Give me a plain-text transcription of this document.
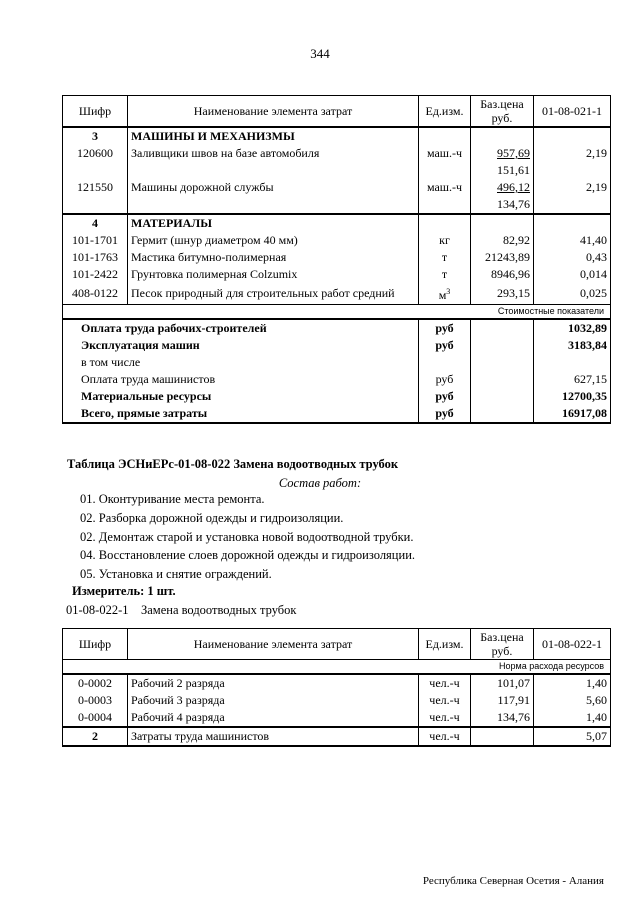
344
Шифр	Наименование элемента затрат	Ед.изм.	Баз.цена руб.	01-08-021-1
3	МАШИНЫ И МЕХАНИЗМЫ			
120600	Заливщики швов на базе автомобиля	маш.-ч	957,69	2,19
			151,61	
121550	Машины дорожной службы	маш.-ч	496,12	2,19
			134,76	
4	МАТЕРИАЛЫ			
101-1701	Гермит (шнур диаметром 40 мм)	кг	82,92	41,40
101-1763	Мастика битумно-полимерная	т	21243,89	0,43
101-2422	Грунтовка полимерная Colzumix	т	8946,96	0,014
408-0122	Песок природный для строительных работ средний	$м^3$	293,15	0,025
Стоимостные показатели				
Оплата труда рабочих-строителей		руб		1032,89
Эксплуатация машин		руб		3183,84
в том числе				
Оплата труда машинистов		руб		627,15
Материальные ресурсы		руб		12700,35
Всего, прямые затраты		руб		16917,08
Таблица ЭСНиЕРс-01-08-022 Замена водоотводных трубок
Состав работ:
01. Оконтуривание места ремонта.
02. Разборка дорожной одежды и гидроизоляции.
02. Демонтаж старой и установка новой водоотводной трубки.
04. Восстановление слоев дорожной одежды и гидроизоляции.
05. Установка и снятие ограждений.
Измеритель: 1 шт.
01-08-022-1    Замена водоотводных трубок
Шифр	Наименование элемента затрат	Ед.изм.	Баз.цена руб.	01-08-022-1
Норма расхода ресурсов				
0-0002	Рабочий 2 разряда	чел.-ч	101,07	1,40
0-0003	Рабочий 3 разряда	чел.-ч	117,91	5,60
0-0004	Рабочий 4 разряда	чел.-ч	134,76	1,40
2	Затраты труда машинистов	чел.-ч		5,07
Республика Северная Осетия - Алания
